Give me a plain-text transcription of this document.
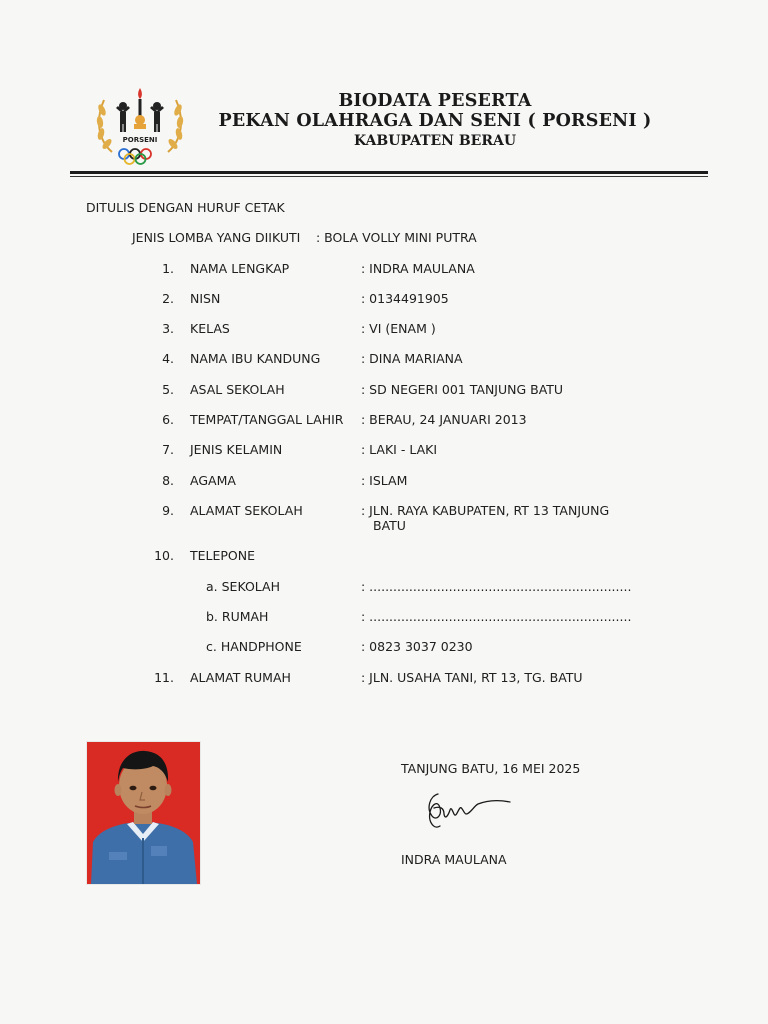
PORSENI
BIODATA PESERTA
PEKAN OLAHRAGA DAN SENI ( PORSENI )
KABUPATEN BERAU
DITULIS DENGAN HURUF CETAK
JENIS LOMBA YANG DIIKUTI : BOLA VOLLY MINI PUTRA
1. NAMA LENGKAP	: INDRA MAULANA
2. NISN	: 0134491905
3. KELAS	: VI (ENAM )
4. NAMA IBU KANDUNG	: DINA MARIANA
5. ASAL SEKOLAH	: SD NEGERI 001 TANJUNG BATU
6. TEMPAT/TANGGAL LAHIR : BERAU, 24 JANUARI 2013
7. JENIS KELAMIN	: LAKI - LAKI
8. AGAMA	: ISLAM
9. ALAMAT SEKOLAH	: JLN. RAYA KABUPATEN, RT 13 TANJUNG
BATU
10. TELEPONE
a. SEKOLAH	: ..................................................................
b. RUMAH	: ..................................................................
c. HANDPHONE	: 0823 3037 0230
11. ALAMAT RUMAH	: JLN. USAHA TANI, RT 13, TG. BATU
TANJUNG BATU, 16 MEI 2025
INDRA MAULANA
